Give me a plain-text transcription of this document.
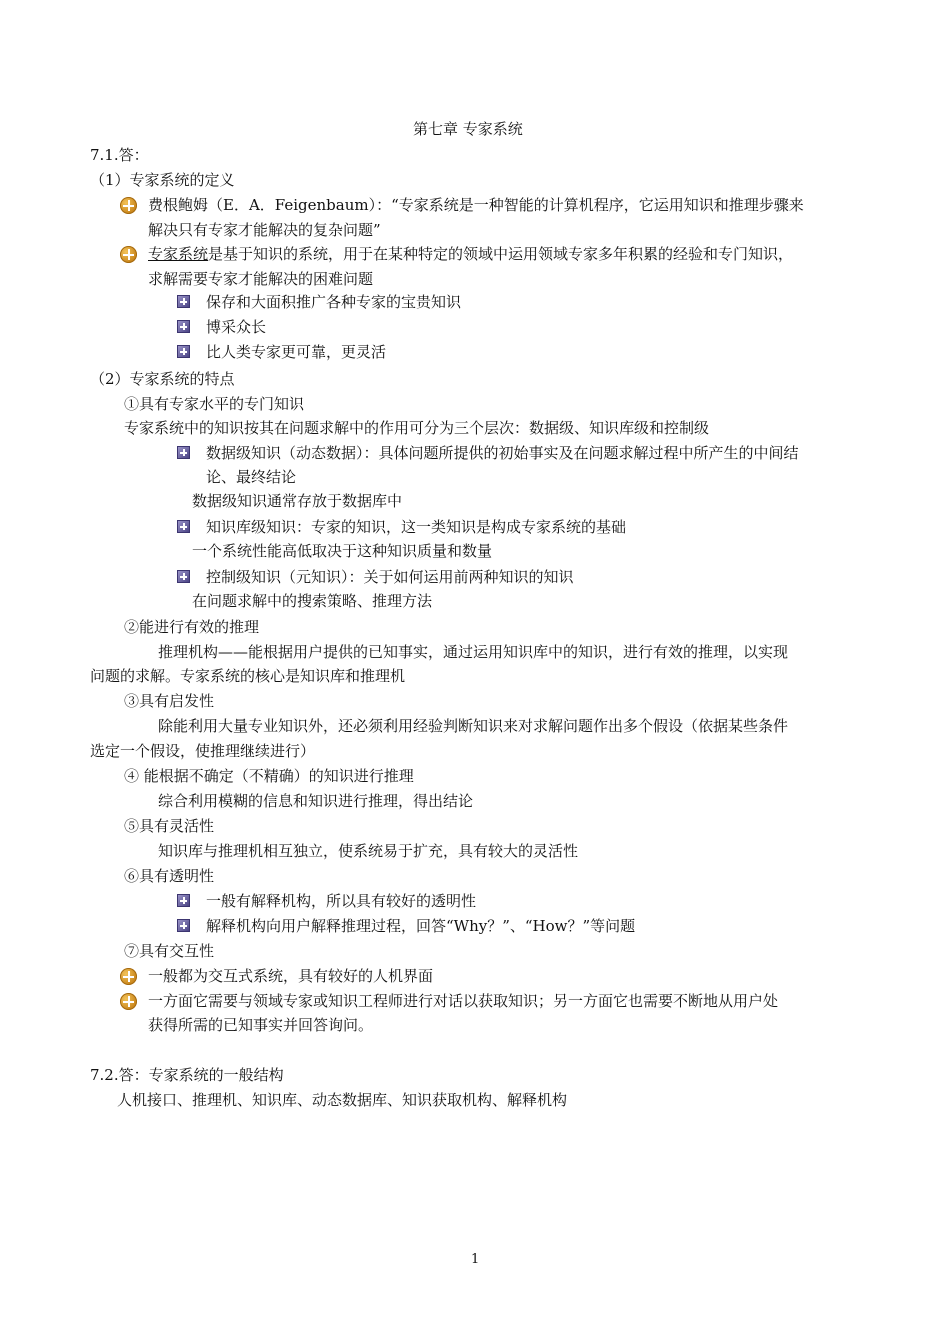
第七章 专家系统
7.1.答：
（1）专家系统的定义
费根鲍姆（E．A．Feigenbaum）：“专家系统是一种智能的计算机程序，它运用知识和推理步骤来
解决只有专家才能解决的复杂问题”
专家系统是基于知识的系统，用于在某种特定的领域中运用领域专家多年积累的经验和专门知识，
求解需要专家才能解决的困难问题
保存和大面积推广各种专家的宝贵知识
博采众长
比人类专家更可靠，更灵活
（2）专家系统的特点
①具有专家水平的专门知识
专家系统中的知识按其在问题求解中的作用可分为三个层次：数据级、知识库级和控制级
数据级知识（动态数据）：具体问题所提供的初始事实及在问题求解过程中所产生的中间结
论、最终结论
数据级知识通常存放于数据库中
知识库级知识：专家的知识，这一类知识是构成专家系统的基础
一个系统性能高低取决于这种知识质量和数量
控制级知识（元知识）：关于如何运用前两种知识的知识
在问题求解中的搜索策略、推理方法
②能进行有效的推理
推理机构——能根据用户提供的已知事实，通过运用知识库中的知识，进行有效的推理，以实现
问题的求解。专家系统的核心是知识库和推理机
③具有启发性
除能利用大量专业知识外，还必须利用经验判断知识来对求解问题作出多个假设（依据某些条件
选定一个假设，使推理继续进行）
④ 能根据不确定（不精确）的知识进行推理
综合利用模糊的信息和知识进行推理，得出结论
⑤具有灵活性
知识库与推理机相互独立，使系统易于扩充，具有较大的灵活性
⑥具有透明性
一般有解释机构，所以具有较好的透明性
解释机构向用户解释推理过程，回答“Why？”、“How？”等问题
⑦具有交互性
一般都为交互式系统，具有较好的人机界面
一方面它需要与领域专家或知识工程师进行对话以获取知识；另一方面它也需要不断地从用户处
获得所需的已知事实并回答询问。
7.2.答：专家系统的一般结构
人机接口、推理机、知识库、动态数据库、知识获取机构、解释机构
1
